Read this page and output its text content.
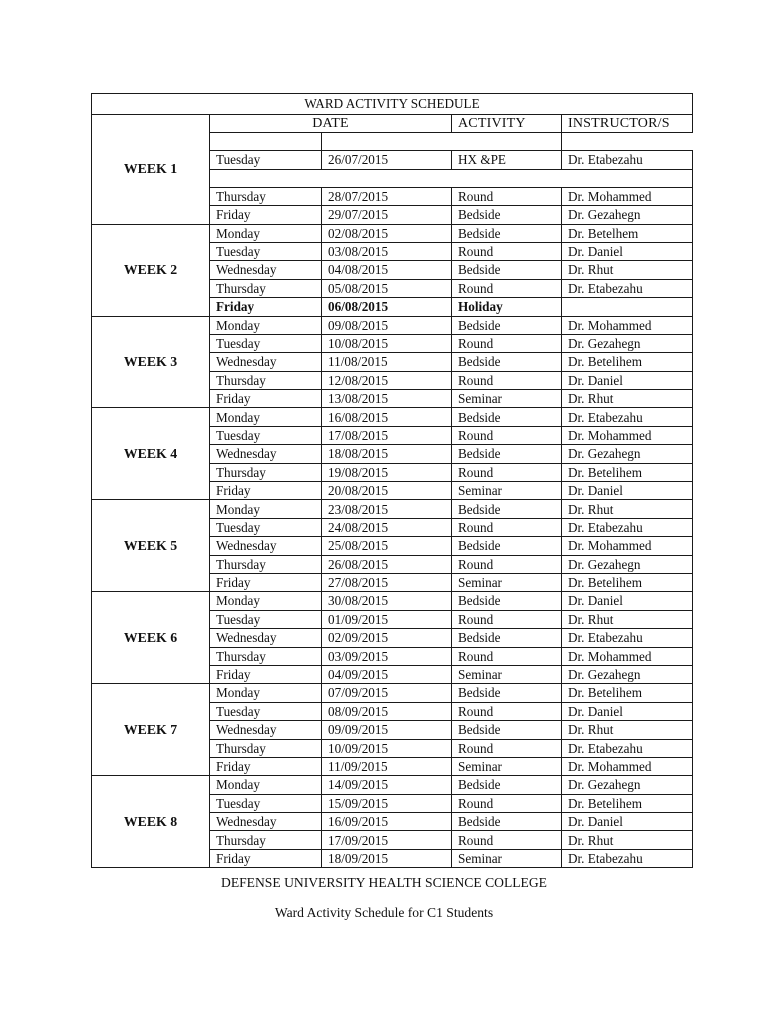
WARD ACTIVITY SCHEDULE				
WEEK 1	DATE		ACTIVITY	INSTRUCTOR/S

	Tuesday	26/07/2015	HX &PE	Dr. Etabezahu

	Thursday	28/07/2015	Round	Dr. Mohammed
	Friday	29/07/2015	Bedside	Dr. Gezahegn
WEEK 2	Monday	02/08/2015	Bedside	Dr. Betelhem
	Tuesday	03/08/2015	Round	Dr. Daniel
	Wednesday	04/08/2015	Bedside	Dr. Rhut
	Thursday	05/08/2015	Round	Dr. Etabezahu
	Friday	06/08/2015	Holiday	
WEEK 3	Monday	09/08/2015	Bedside	Dr. Mohammed
	Tuesday	10/08/2015	Round	Dr. Gezahegn
	Wednesday	11/08/2015	Bedside	Dr. Betelihem
	Thursday	12/08/2015	Round	Dr. Daniel
	Friday	13/08/2015	Seminar	Dr. Rhut
WEEK 4	Monday	16/08/2015	Bedside	Dr. Etabezahu
	Tuesday	17/08/2015	Round	Dr. Mohammed
	Wednesday	18/08/2015	Bedside	Dr. Gezahegn
	Thursday	19/08/2015	Round	Dr. Betelihem
	Friday	20/08/2015	Seminar	Dr. Daniel
WEEK 5	Monday	23/08/2015	Bedside	Dr. Rhut
	Tuesday	24/08/2015	Round	Dr. Etabezahu
	Wednesday	25/08/2015	Bedside	Dr. Mohammed
	Thursday	26/08/2015	Round	Dr. Gezahegn
	Friday	27/08/2015	Seminar	Dr. Betelihem
WEEK 6	Monday	30/08/2015	Bedside	Dr. Daniel
	Tuesday	01/09/2015	Round	Dr. Rhut
	Wednesday	02/09/2015	Bedside	Dr. Etabezahu
	Thursday	03/09/2015	Round	Dr. Mohammed
	Friday	04/09/2015	Seminar	Dr. Gezahegn
WEEK 7	Monday	07/09/2015	Bedside	Dr. Betelihem
	Tuesday	08/09/2015	Round	Dr. Daniel
	Wednesday	09/09/2015	Bedside	Dr. Rhut
	Thursday	10/09/2015	Round	Dr. Etabezahu
	Friday	11/09/2015	Seminar	Dr. Mohammed
WEEK 8	Monday	14/09/2015	Bedside	Dr. Gezahegn
	Tuesday	15/09/2015	Round	Dr. Betelihem
	Wednesday	16/09/2015	Bedside	Dr. Daniel
	Thursday	17/09/2015	Round	Dr. Rhut
	Friday	18/09/2015	Seminar	Dr. Etabezahu
DEFENSE UNIVERSITY HEALTH SCIENCE COLLEGE
Ward Activity Schedule for C1 Students
